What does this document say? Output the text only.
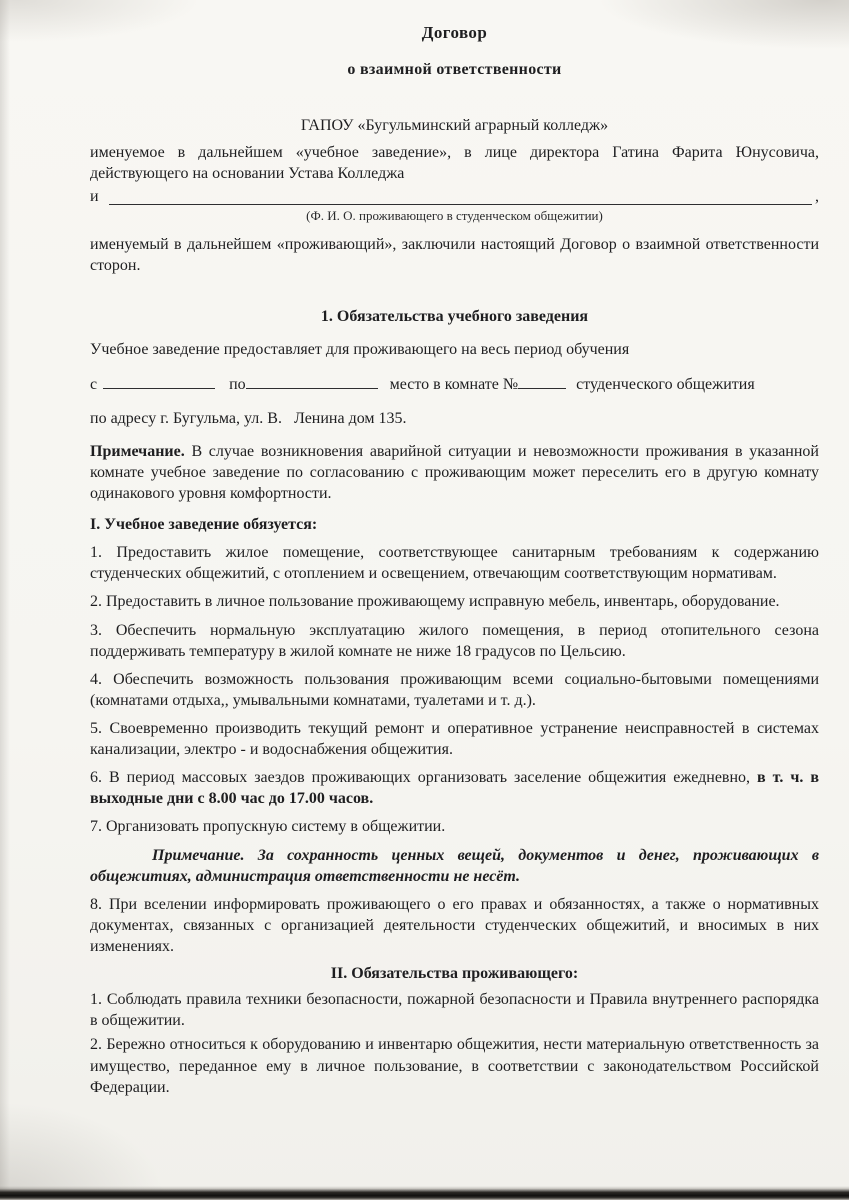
Договор

о взаимной ответственности

ГАПОУ «Бугульминский аграрный колледж»

именуемое в дальнейшем «учебное заведение», в лице директора Гатина Фарита Юнусовича, действующего на основании Устава Колледжа

и	,

(Ф. И. О. проживающего в студенческом общежитии)

именуемый в дальнейшем «проживающий», заключили настоящий Договор о взаимной ответственности сторон.

1. Обязательства учебного заведения

Учебное заведение предоставляет для проживающего на весь период обучения

с	по	место в комнате №	студенческого общежития

по адресу г. Бугульма, ул. В.   Ленина дом 135.

Примечание. В случае возникновения аварийной ситуации и невозможности проживания в указанной комнате учебное заведение по согласованию с проживающим может переселить его в другую комнату одинакового уровня комфортности.

I. Учебное заведение обязуется:

1. Предоставить жилое помещение, соответствующее санитарным требованиям к содержанию студенческих общежитий, с отоплением и освещением, отвечающим соответствующим нормативам.

2. Предоставить в личное пользование проживающему исправную мебель, инвентарь, оборудование.

3. Обеспечить нормальную эксплуатацию жилого помещения, в период отопительного сезона поддерживать температуру в жилой комнате не ниже 18 градусов по Цельсию.

4. Обеспечить возможность пользования проживающим всеми социально-бытовыми помещениями (комнатами отдыха,, умывальными комнатами, туалетами и т. д.).

5. Своевременно производить текущий ремонт и оперативное устранение неисправностей в системах канализации, электро - и водоснабжения общежития.

6. В период массовых заездов проживающих организовать заселение общежития ежедневно, в т. ч. в выходные дни с 8.00 час до 17.00 часов.

7. Организовать пропускную систему в общежитии.

Примечание. За сохранность ценных вещей, документов и денег, проживающих в общежитиях, администрация ответственности не несёт.

8. При вселении информировать проживающего о его правах и обязанностях, а также о нормативных документах, связанных с организацией деятельности студенческих общежитий, и вносимых в них изменениях.

II. Обязательства проживающего:

1. Соблюдать правила техники безопасности, пожарной безопасности и Правила внутреннего распорядка в общежитии.

2. Бережно относиться к оборудованию и инвентарю общежития, нести материальную ответственность за имущество, переданное ему в личное пользование, в соответствии с законодательством Российской Федерации.
